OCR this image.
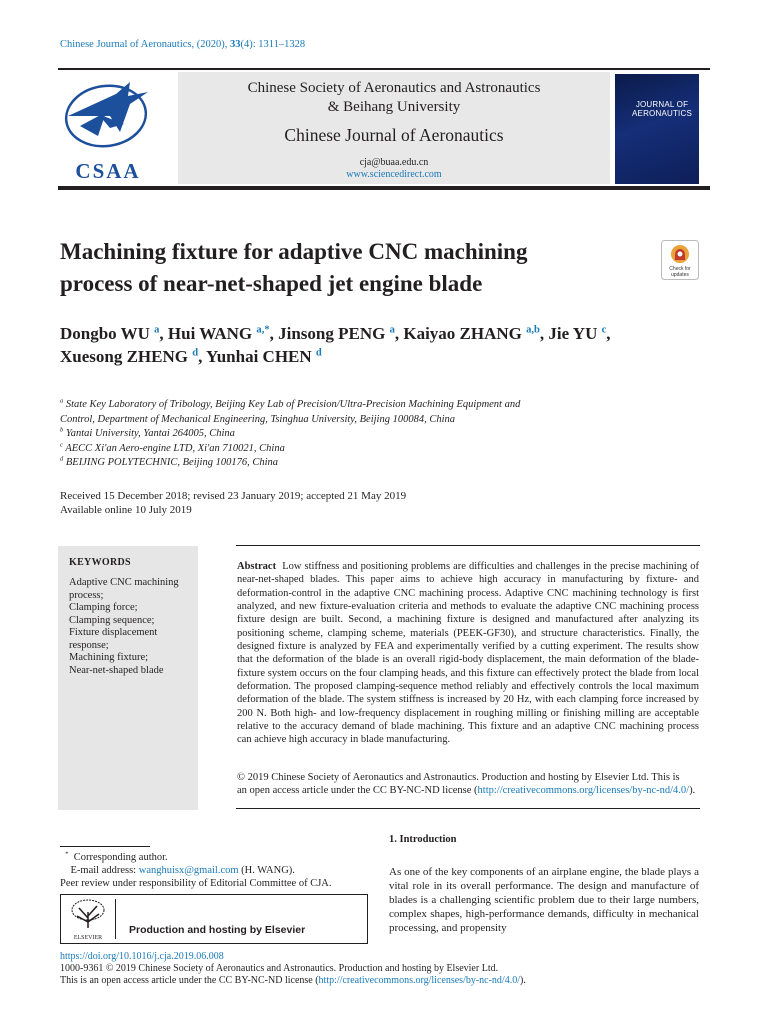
Chinese Journal of Aeronautics, (2020), 33(4): 1311–1328
CSAA
Chinese Society of Aeronautics and Astronautics
& Beihang University
Chinese Journal of Aeronautics
cja@buaa.edu.cn
www.sciencedirect.com
JOURNAL OF AERONAUTICS
Machining fixture for adaptive CNC machining
process of near-net-shaped jet engine blade
Check for updates
Dongbo WU $^a$, Hui WANG $^{a,*}$, Jinsong PENG $^a$, Kaiyao ZHANG $^{a,b}$, Jie YU $^c$,
Xuesong ZHENG $^d$, Yunhai CHEN $^d$
$^a$ State Key Laboratory of Tribology, Beijing Key Lab of Precision/Ultra-Precision Machining Equipment and
Control, Department of Mechanical Engineering, Tsinghua University, Beijing 100084, China
$^b$ Yantai University, Yantai 264005, China
$^c$ AECC Xi'an Aero-engine LTD, Xi'an 710021, China
$^d$ BEIJING POLYTECHNIC, Beijing 100176, China
Received 15 December 2018; revised 23 January 2019; accepted 21 May 2019
Available online 10 July 2019
KEYWORDS
Adaptive CNC machining process;
Clamping force;
Clamping sequence;
Fixture displacement response;
Machining fixture;
Near-net-shaped blade
Abstract Low stiffness and positioning problems are difficulties and challenges in the precise machining of near-net-shaped blades. This paper aims to achieve high accuracy in manufacturing by fixture- and deformation-control in the adaptive CNC machining process. Adaptive CNC machining technology is first analyzed, and new fixture-evaluation criteria and methods to evaluate the adaptive CNC machining process fixture design are built. Second, a machining fixture is designed and manufactured after analyzing its positioning scheme, clamping scheme, materials (PEEK-GF30), and structure characteristics. Finally, the designed fixture is analyzed by FEA and experimentally verified by a cutting experiment. The results show that the deformation of the blade is an overall rigid-body displacement, the main deformation of the blade-fixture system occurs on the four clamping heads, and this fixture can effectively protect the blade from local deformation. The proposed clamping-sequence method reliably and effectively controls the local maximum deformation of the blade. The system stiffness is increased by 20 Hz, with each clamping force increased by 200 N. Both high- and low-frequency displacement in roughing milling or finishing milling are acceptable relative to the accuracy demand of blade machining. This fixture and an adaptive CNC machining process can achieve high accuracy in blade manufacturing.
© 2019 Chinese Society of Aeronautics and Astronautics. Production and hosting by Elsevier Ltd. This is
an open access article under the CC BY-NC-ND license (http://creativecommons.org/licenses/by-nc-nd/4.0/).
* Corresponding author.
E-mail address: wanghuisx@gmail.com (H. WANG).
Peer review under responsibility of Editorial Committee of CJA.
ELSEVIER
Production and hosting by Elsevier
1. Introduction
As one of the key components of an airplane engine, the blade plays a vital role in its overall performance. The design and manufacture of blades is a challenging scientific problem due to their large numbers, complex shapes, high-performance demands, difficulty in mechanical processing, and propensity
https://doi.org/10.1016/j.cja.2019.06.008
1000-9361 © 2019 Chinese Society of Aeronautics and Astronautics. Production and hosting by Elsevier Ltd.
This is an open access article under the CC BY-NC-ND license (http://creativecommons.org/licenses/by-nc-nd/4.0/).
